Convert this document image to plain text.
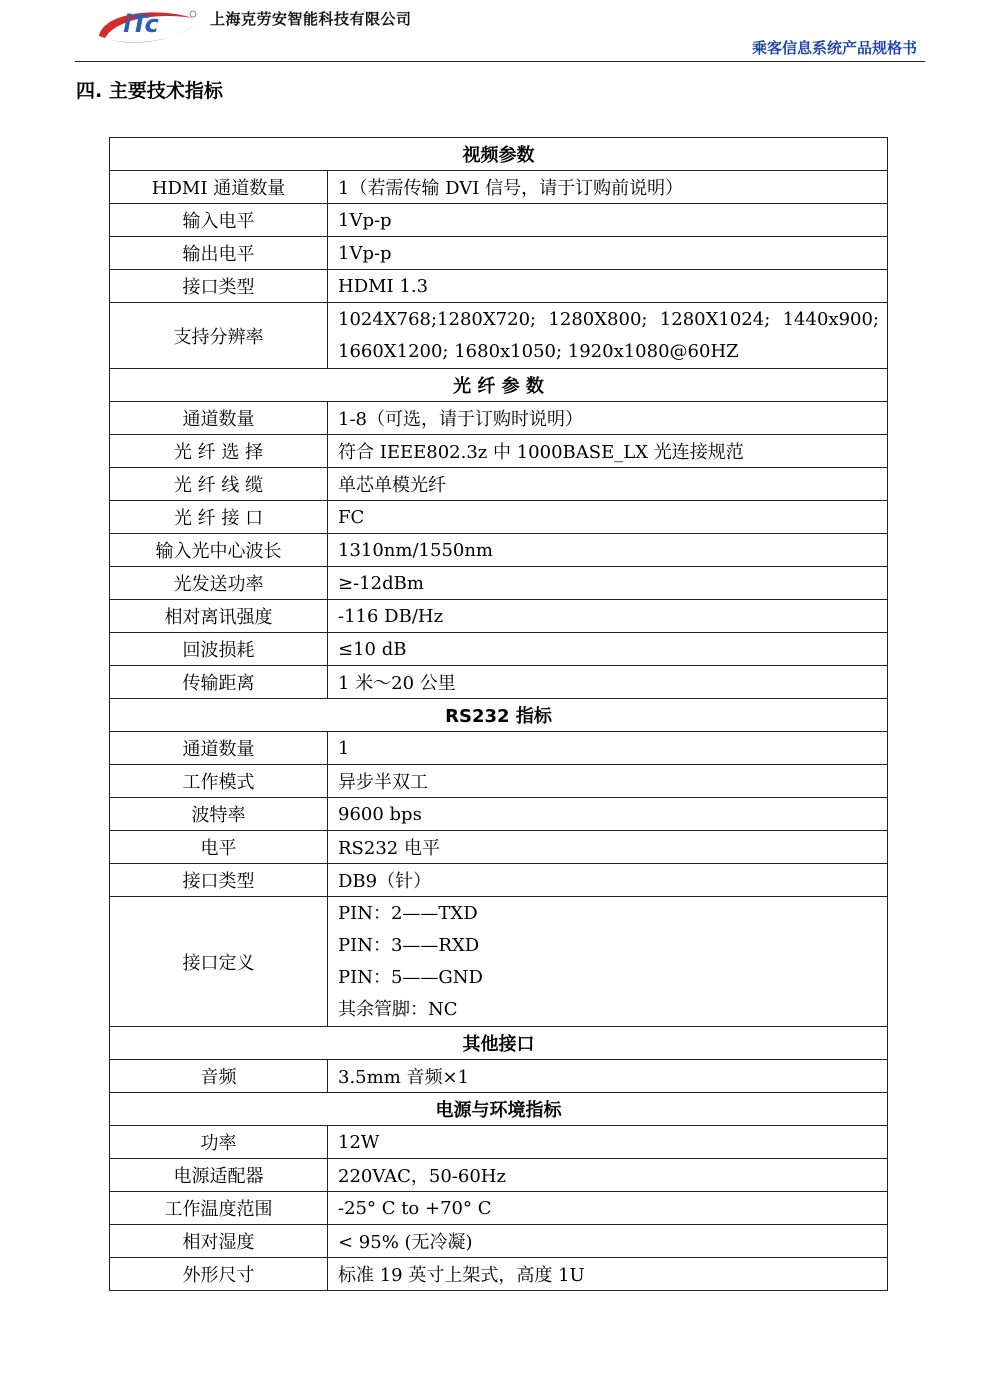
iTc	上海克劳安智能科技有限公司
乘客信息系统产品规格书
四. 主要技术指标
视频参数	
HDMI 通道数量	1（若需传输 DVI 信号，请于订购前说明）
输入电平	1Vp-p
输出电平	1Vp-p
接口类型	HDMI 1.3
支持分辨率	1024X768;1280X720; 1280X800; 1280X1024; 1440x900; 1660X1200; 1680x1050; 1920x1080@60HZ
光 纤 参 数	
通道数量	1-8（可选，请于订购时说明）
光 纤 选 择	符合 IEEE802.3z 中 1000BASE_LX 光连接规范
光 纤 线 缆	单芯单模光纤
光 纤 接 口	FC
输入光中心波长	1310nm/1550nm
光发送功率	≥-12dBm
相对离讯强度	-116 DB/Hz
回波损耗	≤10 dB
传输距离	1 米～20 公里
RS232 指标	
通道数量	1
工作模式	异步半双工
波特率	9600 bps
电平	RS232 电平
接口类型	DB9（针）
接口定义	PIN：2——TXD
PIN：3——RXD
PIN：5——GND
其余管脚：NC

其他接口	
音频	3.5mm 音频×1
电源与环境指标	
功率	12W
电源适配器	220VAC，50-60Hz
工作温度范围	-25° C to +70° C
相对湿度	< 95% (无冷凝)
外形尺寸	标准 19 英寸上架式，高度 1U
